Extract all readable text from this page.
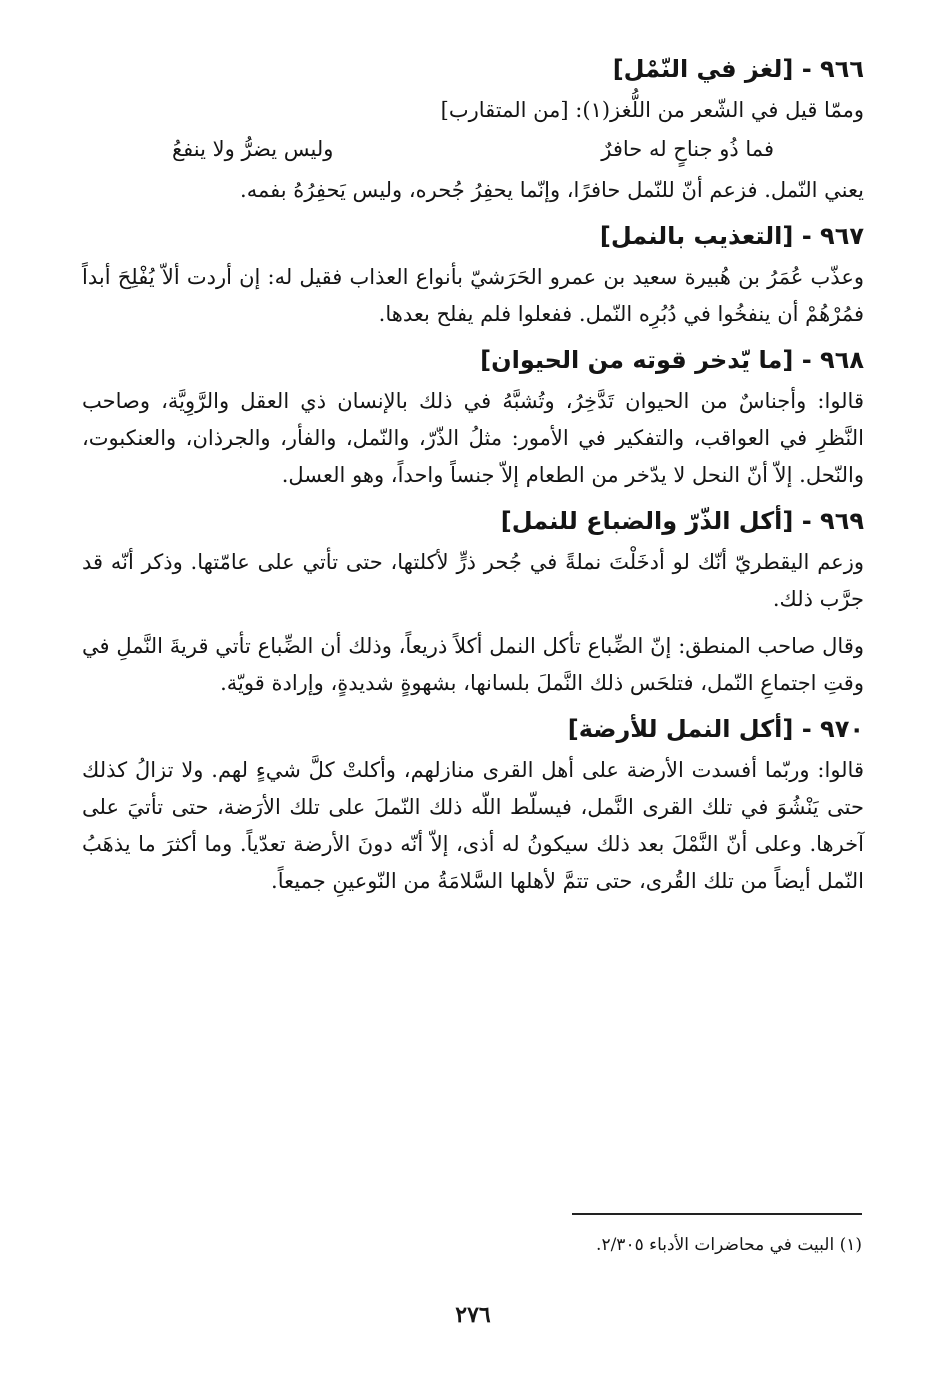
٩٦٦ - [لغز في النّمْل]

وممّا قيل في الشّعر من اللُّغز(١): [من المتقارب]

فما ذُو جناحٍ له حافرٌ
وليس يضرُّ ولا ينفعُ

يعني النّمل. فزعم أنّ للنّمل حافرًا، وإنّما يحفِرُ جُحره، وليس يَحفِرُهُ بفمه.

٩٦٧ - [التعذيب بالنمل]

وعذّب عُمَرُ بن هُبيرة سعيد بن عمرو الحَرَشيّ بأنواع العذاب فقيل له: إن أردت ألاّ يُفْلِحَ أبداً فمُرْهُمْ أن ينفخُوا في دُبُرِه النّمل. ففعلوا فلم يفلح بعدها.

٩٦٨ - [ما يّدخر قوته من الحيوان]

قالوا: وأجناسٌ من الحيوان تَدَّخِرُ، وتُشبَّهُ في ذلك بالإنسان ذي العقل والرَّوِيَّة، وصاحب النَّظرِ في العواقب، والتفكير في الأمور: مثلُ الذّرّ، والنّمل، والفأر، والجرذان، والعنكبوت، والنّحل. إلاّ أنّ النحل لا يدّخر من الطعام إلاّ جنساً واحداً، وهو العسل.

٩٦٩ - [أكل الذّرّ والضباع للنمل]

وزعم اليقطريّ أنّك لو أدخَلْتَ نملةً في جُحر ذرٍّ لأكلتها، حتى تأتي على عامّتها. وذكر أنّه قد جرَّب ذلك.

وقال صاحب المنطق: إنّ الضِّباع تأكل النمل أكلاً ذريعاً، وذلك أن الضِّباع تأتي قريةَ النَّملِ في وقتِ اجتماعِ النّمل، فتلحَس ذلك النَّملَ بلسانها، بشهوةٍ شديدةٍ، وإرادة قويّة.

٩٧٠ - [أكل النمل للأرضة]

قالوا: وربّما أفسدت الأرضة على أهل القرى منازلهم، وأكلتْ كلَّ شيءٍ لهم. ولا تزالُ كذلك حتى يَنْشُوَ في تلك القرى النَّمل، فيسلّط اللّه ذلك النّملَ على تلك الأرَضة، حتى تأتيَ على آخرها. وعلى أنّ النَّمْلَ بعد ذلك سيكونُ له أذى، إلاّ أنّه دونَ الأرضة تعدّياً. وما أكثرَ ما يذهَبُ النّمل أيضاً من تلك القُرى، حتى تتمَّ لأهلها السَّلامَةُ من النّوعينِ جميعاً.

(١) البيت في محاضرات الأدباء ٢/٣٠٥.
٢٧٦
